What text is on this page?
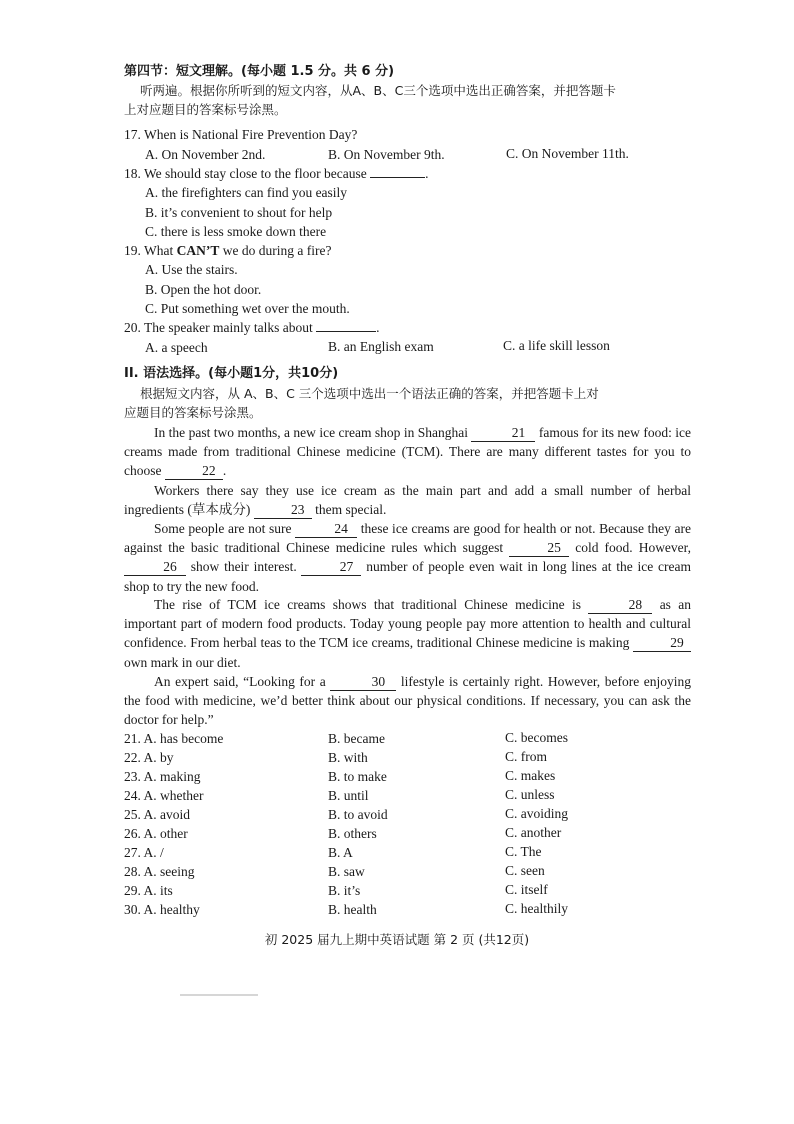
第四节：短文理解。(每小题 1.5 分。共 6 分)
听两遍。根据你所听到的短文内容，从A、B、C三个选项中选出正确答案，并把答题卡
上对应题目的答案标号涂黑。
17. When is National Fire Prevention Day?
A. On November 2nd.	B. On November 9th.	C. On November 11th.
18. We should stay close to the floor because	.
A. the firefighters can find you easily
B. it’s convenient to shout for help
C. there is less smoke down there
19. What CAN’T we do during a fire?
A. Use the stairs.
B. Open the hot door.
C. Put something wet over the mouth.
20. The speaker mainly talks about	.
A. a speech	B. an English exam	C. a life skill lesson
II. 语法选择。(每小题1分，共10分)
根据短文内容，从 A、B、C 三个选项中选出一个语法正确的答案，并把答题卡上对
应题目的答案标号涂黑。
In the past two months, a new ice cream shop in Shanghai	21 famous for its new food: ice creams made from traditional Chinese medicine (TCM). There are many different tastes for you to choose	22 .
Workers there say they use ice cream as the main part and add a small number of herbal ingredients (草本成分)	23 them special.
Some people are not sure	24 these ice creams are good for health or not. Because they are against the basic traditional Chinese medicine rules which suggest	25 cold food. However, 26 show their interest.	27 number of people even wait in long lines at the ice cream shop to try the new food.
The rise of TCM ice creams shows that traditional Chinese medicine is	28 as an important part of modern food products. Today young people pay more attention to health and cultural confidence. From herbal teas to the TCM ice creams, traditional Chinese medicine is making	29 own mark in our diet.
An expert said, “Looking for a	30 lifestyle is certainly right. However, before enjoying the food with medicine, we’d better think about our physical conditions. If necessary, you can ask the doctor for help.”
21. A. has become	B. became	C. becomes
22. A. by	B. with	C. from
23. A. making	B. to make	C. makes
24. A. whether	B. until	C. unless
25. A. avoid	B. to avoid	C. avoiding
26. A. other	B. others	C. another
27. A. /	B. A	C. The
28. A. seeing	B. saw	C. seen
29. A. its	B. it’s	C. itself
30. A. healthy	B. health	C. healthily
初 2025 届九上期中英语试题 第 2 页 (共12页)
